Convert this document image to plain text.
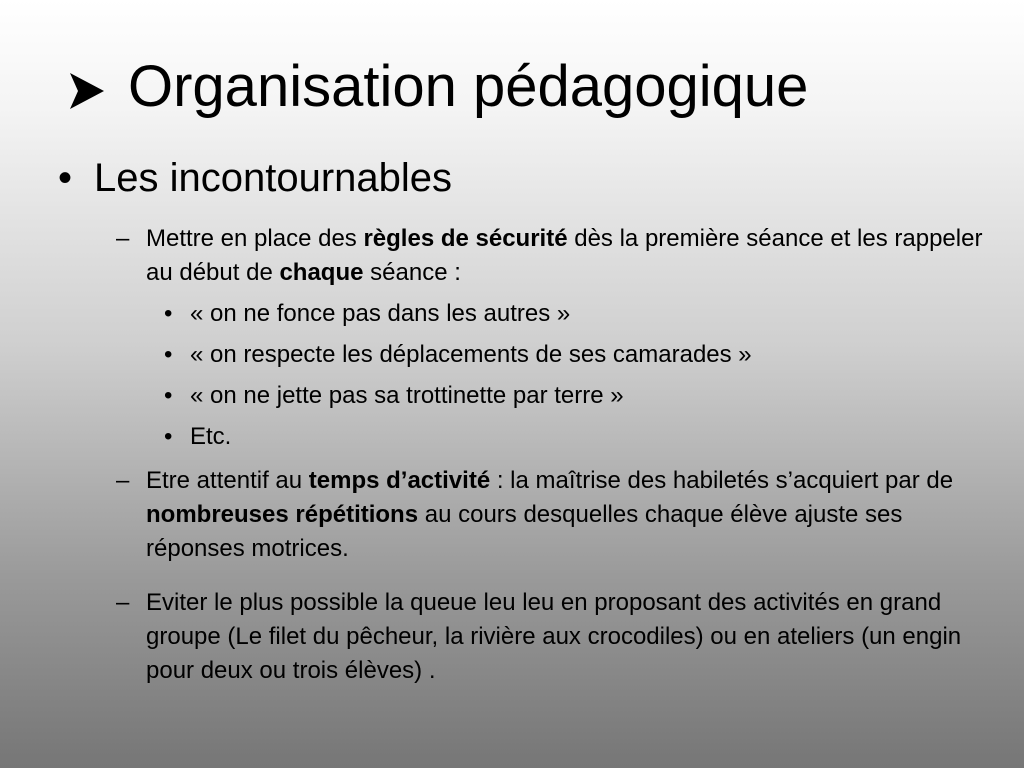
Organisation pédagogique
• Les incontournables
– Mettre en place des règles de sécurité dès la première séance et les rappeler au début de chaque séance :
• « on ne fonce pas dans les autres »
• « on respecte les déplacements de ses camarades »
• « on ne jette pas sa trottinette par terre »
• Etc.
– Etre attentif au temps d’activité : la maîtrise des habiletés s’acquiert par de nombreuses répétitions au cours desquelles chaque élève ajuste ses réponses motrices.
– Eviter le plus possible la queue leu leu en proposant des activités en grand groupe (Le filet du pêcheur, la rivière aux crocodiles) ou en ateliers (un engin pour deux ou trois élèves) .
